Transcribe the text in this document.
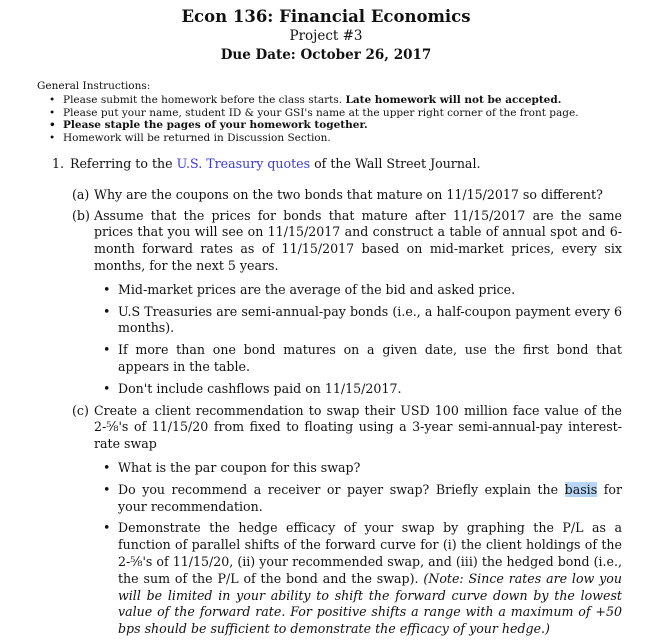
Econ 136: Financial Economics
Project #3
Due Date: October 26, 2017
General Instructions:
• Please submit the homework before the class starts. Late homework will not be accepted.
• Please put your name, student ID & your GSI's name at the upper right corner of the front page.
• Please staple the pages of your homework together.
• Homework will be returned in Discussion Section.
1. Referring to the U.S. Treasury quotes of the Wall Street Journal.
(a) Why are the coupons on the two bonds that mature on 11/15/2017 so different?
(b) Assume that the prices for bonds that mature after 11/15/2017 are the same prices that you will see on 11/15/2017 and construct a table of annual spot and 6-month forward rates as of 11/15/2017 based on mid-market prices, every six months, for the next 5 years.
• Mid-market prices are the average of the bid and asked price.
• U.S Treasuries are semi-annual-pay bonds (i.e., a half-coupon payment every 6 months).
• If more than one bond matures on a given date, use the first bond that appears in the table.
• Don't include cashflows paid on 11/15/2017.
(c) Create a client recommendation to swap their USD 100 million face value of the 2-⁵⁄₈'s of 11/15/20 from fixed to floating using a 3-year semi-annual-pay interest-rate swap
• What is the par coupon for this swap?
• Do you recommend a receiver or payer swap? Briefly explain the basis for your recommendation.
• Demonstrate the hedge efficacy of your swap by graphing the P/L as a function of parallel shifts of the forward curve for (i) the client holdings of the 2-⁵⁄₈'s of 11/15/20, (ii) your recommended swap, and (iii) the hedged bond (i.e., the sum of the P/L of the bond and the swap). (Note: Since rates are low you will be limited in your ability to shift the forward curve down by the lowest value of the forward rate. For positive shifts a range with a maximum of +50 bps should be sufficient to demonstrate the efficacy of your hedge.)
